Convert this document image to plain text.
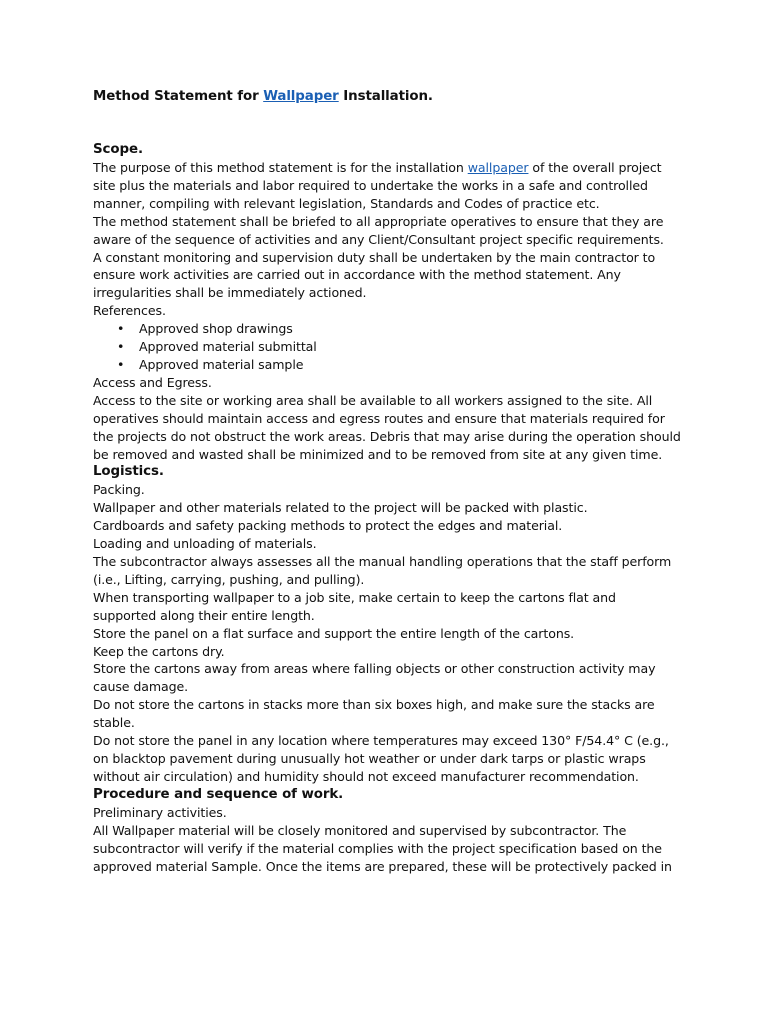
Method Statement for Wallpaper Installation.

Scope.

The purpose of this method statement is for the installation wallpaper of the overall project site plus the materials and labor required to undertake the works in a safe and controlled manner, compiling with relevant legislation, Standards and Codes of practice etc.

The method statement shall be briefed to all appropriate operatives to ensure that they are aware of the sequence of activities and any Client/Consultant project specific requirements.

A constant monitoring and supervision duty shall be undertaken by the main contractor to ensure work activities are carried out in accordance with the method statement. Any irregularities shall be immediately actioned.

References.

• Approved shop drawings
• Approved material submittal
• Approved material sample

Access and Egress.

Access to the site or working area shall be available to all workers assigned to the site. All operatives should maintain access and egress routes and ensure that materials required for the projects do not obstruct the work areas. Debris that may arise during the operation should be removed and wasted shall be minimized and to be removed from site at any given time.

Logistics.

Packing.

Wallpaper and other materials related to the project will be packed with plastic.

Cardboards and safety packing methods to protect the edges and material.

Loading and unloading of materials.

The subcontractor always assesses all the manual handling operations that the staff perform (i.e., Lifting, carrying, pushing, and pulling).

When transporting wallpaper to a job site, make certain to keep the cartons flat and supported along their entire length.

Store the panel on a flat surface and support the entire length of the cartons.

Keep the cartons dry.

Store the cartons away from areas where falling objects or other construction activity may cause damage.

Do not store the cartons in stacks more than six boxes high, and make sure the stacks are stable.

Do not store the panel in any location where temperatures may exceed 130° F/54.4° C (e.g., on blacktop pavement during unusually hot weather or under dark tarps or plastic wraps without air circulation) and humidity should not exceed manufacturer recommendation.

Procedure and sequence of work.

Preliminary activities.

All Wallpaper material will be closely monitored and supervised by subcontractor. The subcontractor will verify if the material complies with the project specification based on the approved material Sample. Once the items are prepared, these will be protectively packed in
